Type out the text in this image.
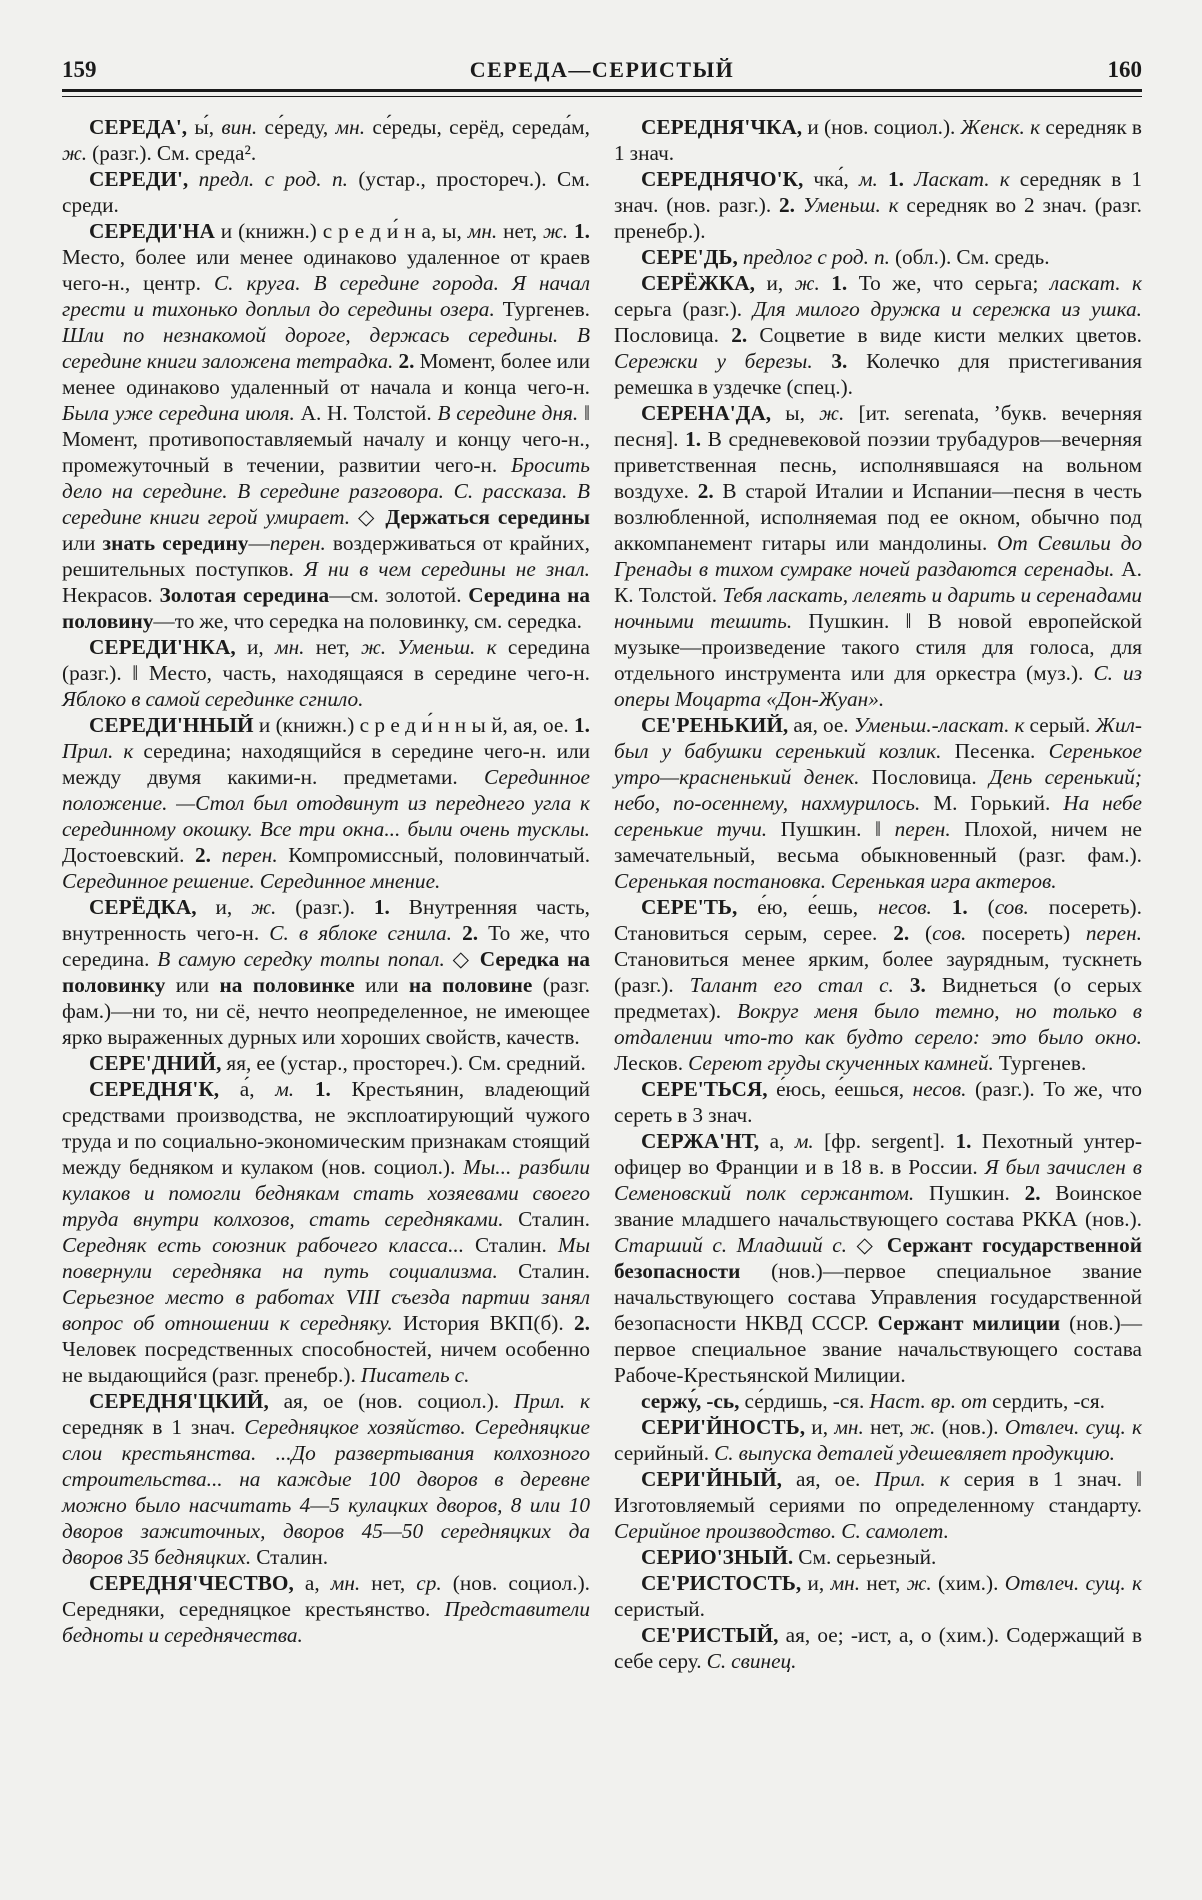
159	СЕРЕДА—СЕРИСТЫЙ	160

СЕРЕДА', ы́, вин. се́реду, мн. се́реды, серёд, середа́м, ж. (разг.). См. среда².

СЕРЕДИ', предл. с род. п. (устар., простореч.). См. среди.

СЕРЕДИ'НА и (книжн.) с р е д и́ н а, ы, мн. нет, ж. 1. Место, более или менее одинаково удаленное от краев чего-н., центр. С. круга. В середине города. Я начал грести и тихонько доплыл до середины озера. Тургенев. Шли по незнакомой дороге, держась середины. В середине книги заложена тетрадка. 2. Момент, более или менее одинаково удаленный от начала и конца чего-н. Была уже середина июля. А. Н. Толстой. В середине дня. ‖ Момент, противопоставляемый началу и концу чего-н., промежуточный в течении, развитии чего-н. Бросить дело на середине. В середине разговора. С. рассказа. В середине книги герой умирает. ◇ Держаться середины или знать середину—перен. воздерживаться от крайних, решительных поступков. Я ни в чем середины не знал. Некрасов. Золотая середина—см. золотой. Середина на половину—то же, что середка на половинку, см. середка.

СЕРЕДИ'НКА, и, мн. нет, ж. Уменьш. к середина (разг.). ‖ Место, часть, находящаяся в середине чего-н. Яблоко в самой серединке сгнило.

СЕРЕДИ'ННЫЙ и (книжн.) с р е д и́ н н ы й, ая, ое. 1. Прил. к середина; находящийся в середине чего-н. или между двумя какими-н. предметами. Серединное положение. —Стол был отодвинут из переднего угла к серединному окошку. Все три окна... были очень тусклы. Достоевский. 2. перен. Компромиссный, половинчатый. Серединное решение. Серединное мнение.

СЕРЁДКА, и, ж. (разг.). 1. Внутренняя часть, внутренность чего-н. С. в яблоке сгнила. 2. То же, что середина. В самую середку толпы попал. ◇ Середка на половинку или на половинке или на половине (разг. фам.)—ни то, ни сё, нечто неопределенное, не имеющее ярко выраженных дурных или хороших свойств, качеств.

СЕРЕ'ДНИЙ, яя, ее (устар., простореч.). См. средний.

СЕРЕДНЯ'К, а́, м. 1. Крестьянин, владеющий средствами производства, не эксплоатирующий чужого труда и по социально-экономическим признакам стоящий между бедняком и кулаком (нов. социол.). Мы... разбили кулаков и помогли беднякам стать хозяевами своего труда внутри колхозов, стать середняками. Сталин. Середняк есть союзник рабочего класса... Сталин. Мы повернули середняка на путь социализма. Сталин. Серьезное место в работах VIII съезда партии занял вопрос об отношении к середняку. История ВКП(б). 2. Человек посредственных способностей, ничем особенно не выдающийся (разг. пренебр.). Писатель с.

СЕРЕДНЯ'ЦКИЙ, ая, ое (нов. социол.). Прил. к середняк в 1 знач. Середняцкое хозяйство. Середняцкие слои крестьянства. ...До развертывания колхозного строительства... на каждые 100 дворов в деревне можно было насчитать 4—5 кулацких дворов, 8 или 10 дворов зажиточных, дворов 45—50 середняцких да дворов 35 бедняцких. Сталин.

СЕРЕДНЯ'ЧЕСТВО, а, мн. нет, ср. (нов. социол.). Середняки, середняцкое крестьянство. Представители бедноты и середнячества.

СЕРЕДНЯ'ЧКА, и (нов. социол.). Женск. к середняк в 1 знач.

СЕРЕДНЯЧО'К, чка́, м. 1. Ласкат. к середняк в 1 знач. (нов. разг.). 2. Уменьш. к середняк во 2 знач. (разг. пренебр.).

СЕРЕ'ДЬ, предлог с род. п. (обл.). См. средь.

СЕРЁЖКА, и, ж. 1. То же, что серьга; ласкат. к серьга (разг.). Для милого дружка и сережка из ушка. Пословица. 2. Соцветие в виде кисти мелких цветов. Сережки у березы. 3. Колечко для пристегивания ремешка в уздечке (спец.).

СЕРЕНА'ДА, ы, ж. [ит. serenata, ’букв. вечерняя песня]. 1. В средневековой поэзии трубадуров—вечерняя приветственная песнь, исполнявшаяся на вольном воздухе. 2. В старой Италии и Испании—песня в честь возлюбленной, исполняемая под ее окном, обычно под аккомпанемент гитары или мандолины. От Севильи до Гренады в тихом сумраке ночей раздаются серенады. А. К. Толстой. Тебя ласкать, лелеять и дарить и серенадами ночными тешить. Пушкин. ‖ В новой европейской музыке—произведение такого стиля для голоса, для отдельного инструмента или для оркестра (муз.). С. из оперы Моцарта «Дон-Жуан».

СЕ'РЕНЬКИЙ, ая, ое. Уменьш.-ласкат. к серый. Жил-был у бабушки серенький козлик. Песенка. Серенькое утро—красненький денек. Пословица. День серенький; небо, по-осеннему, нахмурилось. М. Горький. На небе серенькие тучи. Пушкин. ‖ перен. Плохой, ничем не замечательный, весьма обыкновенный (разг. фам.). Серенькая постановка. Серенькая игра актеров.

СЕРЕ'ТЬ, е́ю, е́ешь, несов. 1. (сов. посереть). Становиться серым, серее. 2. (сов. посереть) перен. Становиться менее ярким, более заурядным, тускнеть (разг.). Талант его стал с. 3. Виднеться (о серых предметах). Вокруг меня было темно, но только в отдалении что-то как будто серело: это было окно. Лесков. Сереют груды скученных камней. Тургенев.

СЕРЕ'ТЬСЯ, е́юсь, е́ешься, несов. (разг.). То же, что сереть в 3 знач.

СЕРЖА'НТ, а, м. [фр. sergent]. 1. Пехотный унтер-офицер во Франции и в 18 в. в России. Я был зачислен в Семеновский полк сержантом. Пушкин. 2. Воинское звание младшего начальствующего состава РККА (нов.). Старший с. Младший с. ◇ Сержант государственной безопасности (нов.)—первое специальное звание начальствующего состава Управления государственной безопасности НКВД СССР. Сержант милиции (нов.)—первое специальное звание начальствующего состава Рабоче-Крестьянской Милиции.

сержу́, -сь, се́рдишь, -ся. Наст. вр. от сердить, -ся.

СЕРИ'ЙНОСТЬ, и, мн. нет, ж. (нов.). Отвлеч. сущ. к серийный. С. выпуска деталей удешевляет продукцию.

СЕРИ'ЙНЫЙ, ая, ое. Прил. к серия в 1 знач. ‖ Изготовляемый сериями по определенному стандарту. Серийное производство. С. самолет.

СЕРИО'ЗНЫЙ. См. серьезный.

СЕ'РИСТОСТЬ, и, мн. нет, ж. (хим.). Отвлеч. сущ. к серистый.

СЕ'РИСТЫЙ, ая, ое; -ист, а, о (хим.). Содержащий в себе серу. С. свинец.
